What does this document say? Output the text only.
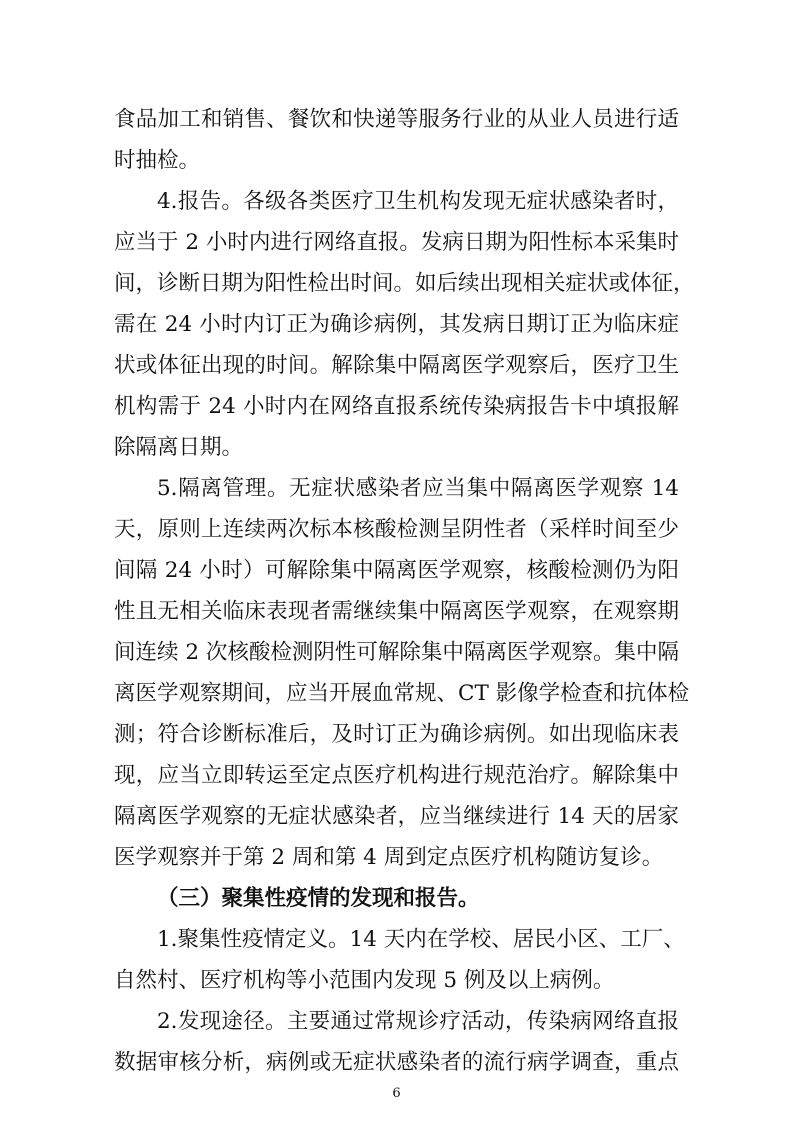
食品加工和销售、餐饮和快递等服务行业的从业人员进行适
时抽检。
4.报告。各级各类医疗卫生机构发现无症状感染者时，
应当于 2 小时内进行网络直报。发病日期为阳性标本采集时
间，诊断日期为阳性检出时间。如后续出现相关症状或体征，
需在 24 小时内订正为确诊病例，其发病日期订正为临床症
状或体征出现的时间。解除集中隔离医学观察后，医疗卫生
机构需于 24 小时内在网络直报系统传染病报告卡中填报解
除隔离日期。
5.隔离管理。无症状感染者应当集中隔离医学观察 14
天，原则上连续两次标本核酸检测呈阴性者（采样时间至少
间隔 24 小时）可解除集中隔离医学观察，核酸检测仍为阳
性且无相关临床表现者需继续集中隔离医学观察，在观察期
间连续 2 次核酸检测阴性可解除集中隔离医学观察。集中隔
离医学观察期间，应当开展血常规、CT 影像学检查和抗体检
测；符合诊断标准后，及时订正为确诊病例。如出现临床表
现，应当立即转运至定点医疗机构进行规范治疗。解除集中
隔离医学观察的无症状感染者，应当继续进行 14 天的居家
医学观察并于第 2 周和第 4 周到定点医疗机构随访复诊。
（三）聚集性疫情的发现和报告。
1.聚集性疫情定义。14 天内在学校、居民小区、工厂、
自然村、医疗机构等小范围内发现 5 例及以上病例。
2.发现途径。主要通过常规诊疗活动，传染病网络直报
数据审核分析，病例或无症状感染者的流行病学调查，重点
6
